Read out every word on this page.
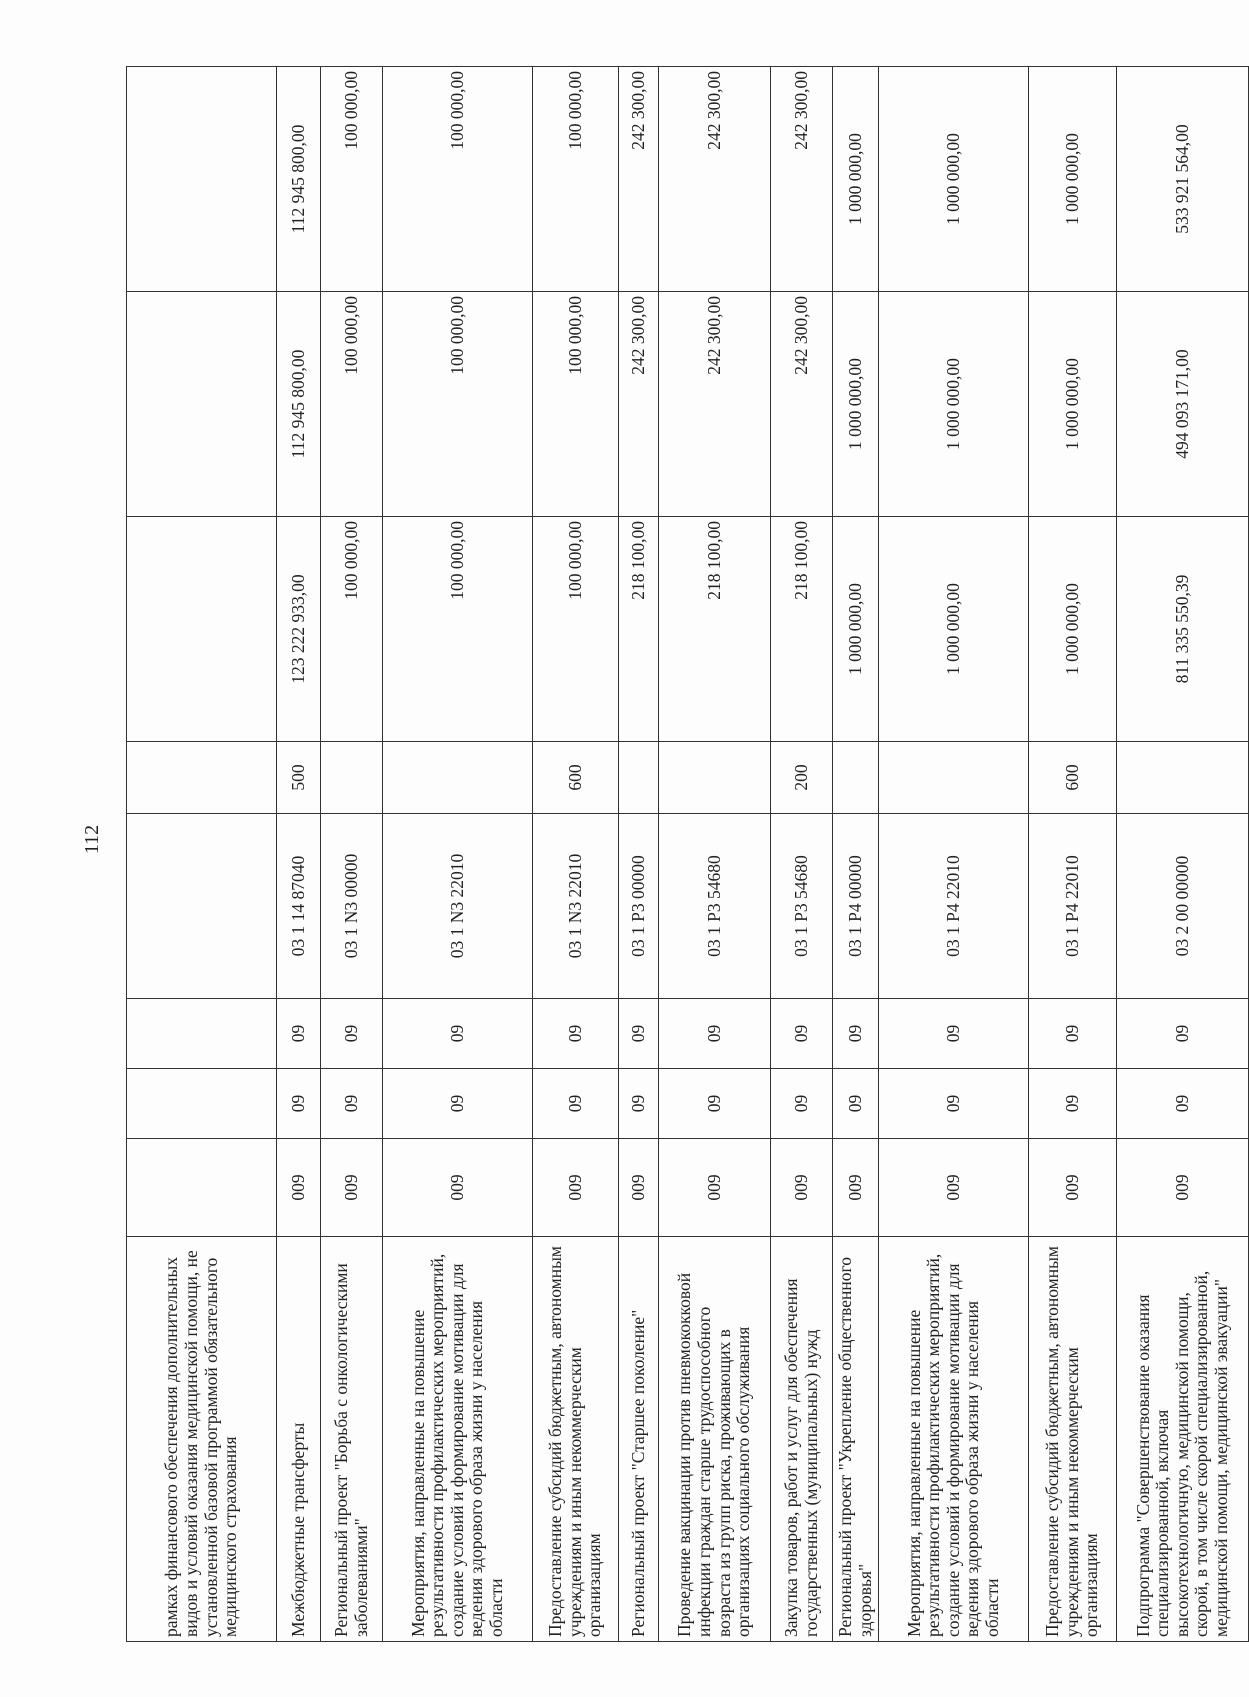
112
рамках финансового обеспечения дополнительных видов и условий оказания медицинской помощи, не установленной базовой программой обязательного медицинского страхования								
Межбюджетные трансферты	009	09	09	03 1 14 87040	500	123 222 933,00	112 945 800,00	112 945 800,00
Региональный проект "Борьба с онкологическими заболеваниями"	009	09	09	03 1 N3 00000		100 000,00	100 000,00	100 000,00
Мероприятия, направленные на повышение результативности профилактических мероприятий, создание условий и формирование мотивации для ведения здорового образа жизни у населения области	009	09	09	03 1 N3 22010		100 000,00	100 000,00	100 000,00
Предоставление субсидий бюджетным, автономным учреждениям и иным некоммерческим организациям	009	09	09	03 1 N3 22010	600	100 000,00	100 000,00	100 000,00
Региональный проект "Старшее поколение"	009	09	09	03 1 P3 00000		218 100,00	242 300,00	242 300,00
Проведение вакцинации против пневмококковой инфекции граждан старше трудоспособного возраста из групп риска, проживающих в организациях социального обслуживания	009	09	09	03 1 P3 54680		218 100,00	242 300,00	242 300,00
Закупка товаров, работ и услуг для обеспечения государственных (муниципальных) нужд	009	09	09	03 1 P3 54680	200	218 100,00	242 300,00	242 300,00
Региональный проект "Укрепление общественного здоровья"	009	09	09	03 1 P4 00000		1 000 000,00	1 000 000,00	1 000 000,00
Мероприятия, направленные на повышение результативности профилактических мероприятий, создание условий и формирование мотивации для ведения здорового образа жизни у населения области	009	09	09	03 1 P4 22010		1 000 000,00	1 000 000,00	1 000 000,00
Предоставление субсидий бюджетным, автономным учреждениям и иным некоммерческим организациям	009	09	09	03 1 P4 22010	600	1 000 000,00	1 000 000,00	1 000 000,00
Подпрограмма "Совершенствование оказания специализированной, включая высокотехнологичную, медицинской помощи, скорой, в том числе скорой специализированной, медицинской помощи, медицинской эвакуации"	009	09	09	03 2 00 00000		811 335 550,39	494 093 171,00	533 921 564,00
